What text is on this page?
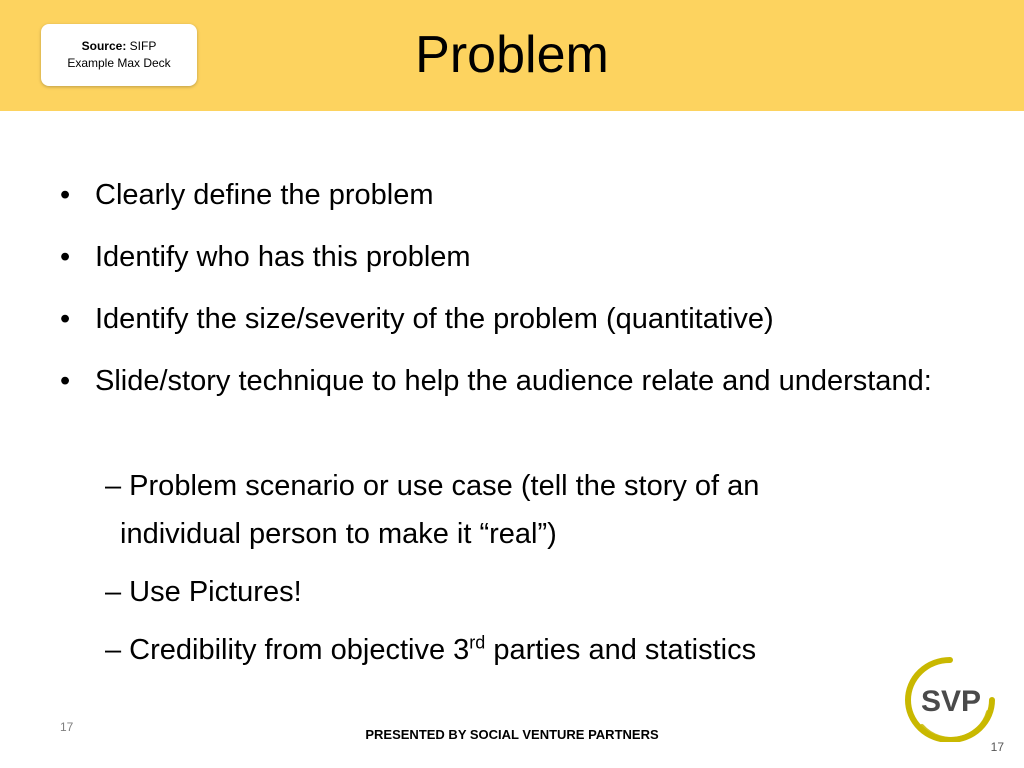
Source: SIFP
Example Max Deck	Problem
• Clearly define the problem
• Identify who has this problem
• Identify the size/severity of the problem (quantitative)
• Slide/story technique to help the audience relate and understand:
– Problem scenario or use case (tell the story of an
individual person to make it “real”)
– Use Pictures!
– Credibility from objective 3rd parties and statistics
17	PRESENTED BY SOCIAL VENTURE PARTNERS
17
SVP
